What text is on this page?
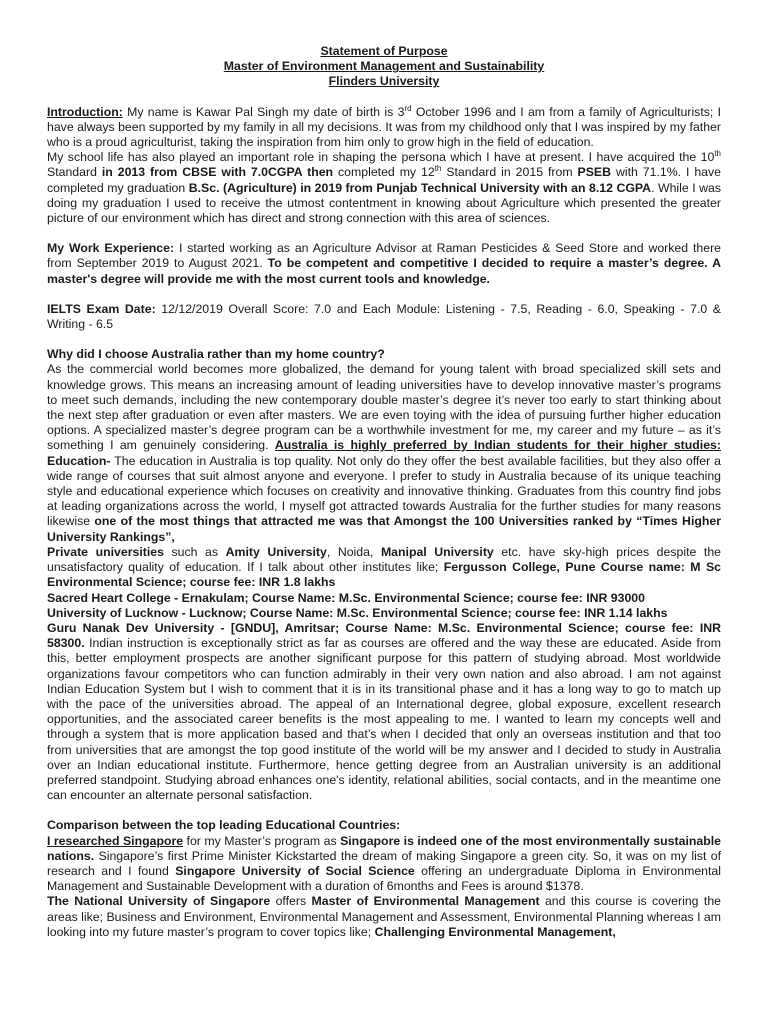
Statement of Purpose

Master of Environment Management and Sustainability

Flinders University

Introduction: My name is Kawar Pal Singh my date of birth is 3rd October 1996 and I am from a family of Agriculturists; I have always been supported by my family in all my decisions. It was from my childhood only that I was inspired by my father who is a proud agriculturist, taking the inspiration from him only to grow high in the field of education.

My school life has also played an important role in shaping the persona which I have at present. I have acquired the 10th Standard in 2013 from CBSE with 7.0CGPA then completed my 12th Standard in 2015 from PSEB with 71.1%. I have completed my graduation B.Sc. (Agriculture) in 2019 from Punjab Technical University with an 8.12 CGPA. While I was doing my graduation I used to receive the utmost contentment in knowing about Agriculture which presented the greater picture of our environment which has direct and strong connection with this area of sciences.

My Work Experience: I started working as an Agriculture Advisor at Raman Pesticides & Seed Store and worked there from September 2019 to August 2021. To be competent and competitive I decided to require a master’s degree. A master's degree will provide me with the most current tools and knowledge.

IELTS Exam Date: 12/12/2019 Overall Score: 7.0 and Each Module: Listening - 7.5, Reading - 6.0, Speaking - 7.0 & Writing - 6.5

Why did I choose Australia rather than my home country?

As the commercial world becomes more globalized, the demand for young talent with broad specialized skill sets and knowledge grows. This means an increasing amount of leading universities have to develop innovative master’s programs to meet such demands, including the new contemporary double master’s degree it’s never too early to start thinking about the next step after graduation or even after masters. We are even toying with the idea of pursuing further higher education options. A specialized master’s degree program can be a worthwhile investment for me, my career and my future – as it’s something I am genuinely considering. Australia is highly preferred by Indian students for their higher studies: Education- The education in Australia is top quality. Not only do they offer the best available facilities, but they also offer a wide range of courses that suit almost anyone and everyone. I prefer to study in Australia because of its unique teaching style and educational experience which focuses on creativity and innovative thinking. Graduates from this country find jobs at leading organizations across the world, I myself got attracted towards Australia for the further studies for many reasons likewise one of the most things that attracted me was that Amongst the 100 Universities ranked by “Times Higher University Rankings”,

Private universities such as Amity University, Noida, Manipal University etc. have sky-high prices despite the unsatisfactory quality of education. If I talk about other institutes like; Fergusson College, Pune Course name: M Sc Environmental Science; course fee: INR 1.8 lakhs

Sacred Heart College - Ernakulam; Course Name: M.Sc. Environmental Science; course fee: INR 93000

University of Lucknow - Lucknow; Course Name: M.Sc. Environmental Science; course fee: INR 1.14 lakhs

Guru Nanak Dev University - [GNDU], Amritsar; Course Name: M.Sc. Environmental Science; course fee: INR 58300. Indian instruction is exceptionally strict as far as courses are offered and the way these are educated. Aside from this, better employment prospects are another significant purpose for this pattern of studying abroad. Most worldwide organizations favour competitors who can function admirably in their very own nation and also abroad. I am not against Indian Education System but I wish to comment that it is in its transitional phase and it has a long way to go to match up with the pace of the universities abroad. The appeal of an International degree, global exposure, excellent research opportunities, and the associated career benefits is the most appealing to me. I wanted to learn my concepts well and through a system that is more application based and that’s when I decided that only an overseas institution and that too from universities that are amongst the top good institute of the world will be my answer and I decided to study in Australia over an Indian educational institute. Furthermore, hence getting degree from an Australian university is an additional preferred standpoint. Studying abroad enhances one's identity, relational abilities, social contacts, and in the meantime one can encounter an alternate personal satisfaction.

Comparison between the top leading Educational Countries:

I researched Singapore for my Master’s program as Singapore is indeed one of the most environmentally sustainable nations. Singapore’s first Prime Minister Kickstarted the dream of making Singapore a green city. So, it was on my list of research and I found Singapore University of Social Science offering an undergraduate Diploma in Environmental Management and Sustainable Development with a duration of 6months and Fees is around $1378.

The National University of Singapore offers Master of Environmental Management and this course is covering the areas like; Business and Environment, Environmental Management and Assessment, Environmental Planning whereas I am looking into my future master’s program to cover topics like; Challenging Environmental Management,
